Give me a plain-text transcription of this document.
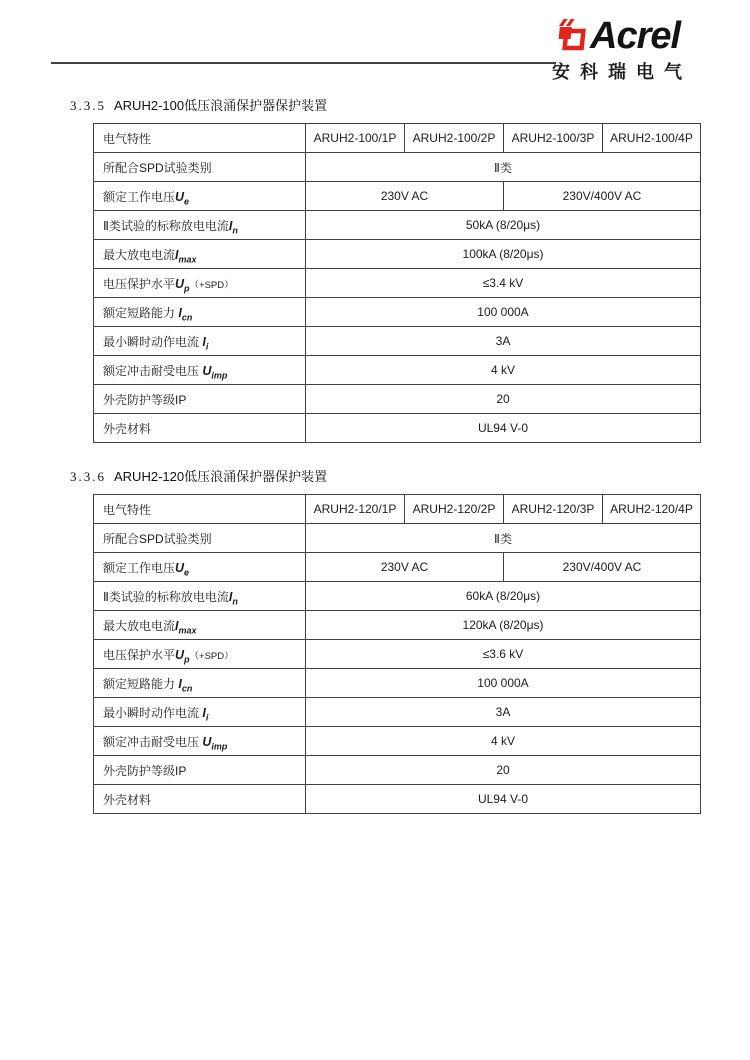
Acrel
安科瑞电气
3.3.5 ARUH2-100低压浪涌保护器保护装置
电气特性	ARUH2-100/1P	ARUH2-100/2P	ARUH2-100/3P	ARUH2-100/4P
所配合SPD试验类别	Ⅱ类			
额定工作电压$U_e$	230V AC		230V/400V AC	
Ⅱ类试验的标称放电电流$I_n$	50kA (8/20μs)			
最大放电电流$I_{max}$	100kA (8/20μs)			
电压保护水平$U_p(+SPD)$	≤3.4 kV			
额定短路能力 $I_{cn}$	100 000A			
最小瞬时动作电流 $I_i$	3A			
额定冲击耐受电压 $U_{imp}$	4 kV			
外壳防护等级IP	20			
外壳材料	UL94 V-0			
3.3.6 ARUH2-120低压浪涌保护器保护装置
电气特性	ARUH2-120/1P	ARUH2-120/2P	ARUH2-120/3P	ARUH2-120/4P
所配合SPD试验类别	Ⅱ类			
额定工作电压$U_e$	230V AC		230V/400V AC	
Ⅱ类试验的标称放电电流$I_n$	60kA (8/20μs)			
最大放电电流$I_{max}$	120kA (8/20μs)			
电压保护水平$U_p(+SPD)$	≤3.6 kV			
额定短路能力 $I_{cn}$	100 000A			
最小瞬时动作电流 $I_i$	3A			
额定冲击耐受电压 $U_{imp}$	4 kV			
外壳防护等级IP	20			
外壳材料	UL94 V-0			
